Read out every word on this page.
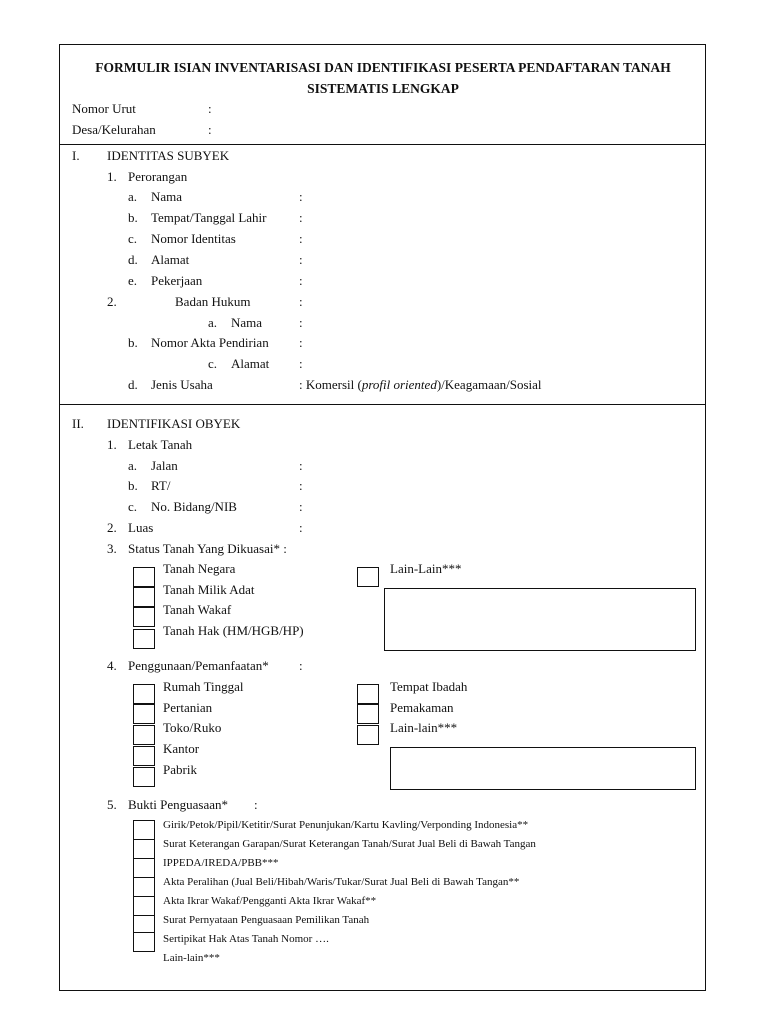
FORMULIR ISIAN INVENTARISASI DAN IDENTIFIKASI PESERTA PENDAFTARAN TANAH
SISTEMATIS LENGKAP
Nomor Urut	:
Desa/Kelurahan	:
I. IDENTITAS SUBYEK
1. Perorangan
a. Nama	:
b. Tempat/Tanggal Lahir	:
c. Nomor Identitas	:
d. Alamat	:
e. Pekerjaan	:
2.	Badan Hukum	:
a. Nama	:
b. Nomor Akta Pendirian :
c. Alamat :
d. Jenis Usaha	: Komersil (profil oriented)/Keagamaan/Sosial
II. IDENTIFIKASI OBYEK
1. Letak Tanah
a. Jalan	:
b. RT/	:
c. No. Bidang/NIB	:
2. Luas	:
3. Status Tanah Yang Dikuasai* :
Tanah Negara
Tanah Milik Adat
Tanah Wakaf
Tanah Hak (HM/HGB/HP)
Lain-Lain***
4. Penggunaan/Pemanfaatan* :
Rumah Tinggal
Pertanian
Toko/Ruko
Kantor
Pabrik
Tempat Ibadah
Pemakaman
Lain-lain***
5. Bukti Penguasaan* :
Girik/Petok/Pipil/Ketitir/Surat Penunjukan/Kartu Kavling/Verponding Indonesia**
Surat Keterangan Garapan/Surat Keterangan Tanah/Surat Jual Beli di Bawah Tangan
IPPEDA/IREDA/PBB***
Akta Peralihan (Jual Beli/Hibah/Waris/Tukar/Surat Jual Beli di Bawah Tangan**
Akta Ikrar Wakaf/Pengganti Akta Ikrar Wakaf**
Surat Pernyataan Penguasaan Pemilikan Tanah
Sertipikat Hak Atas Tanah Nomor ….
Lain-lain***
